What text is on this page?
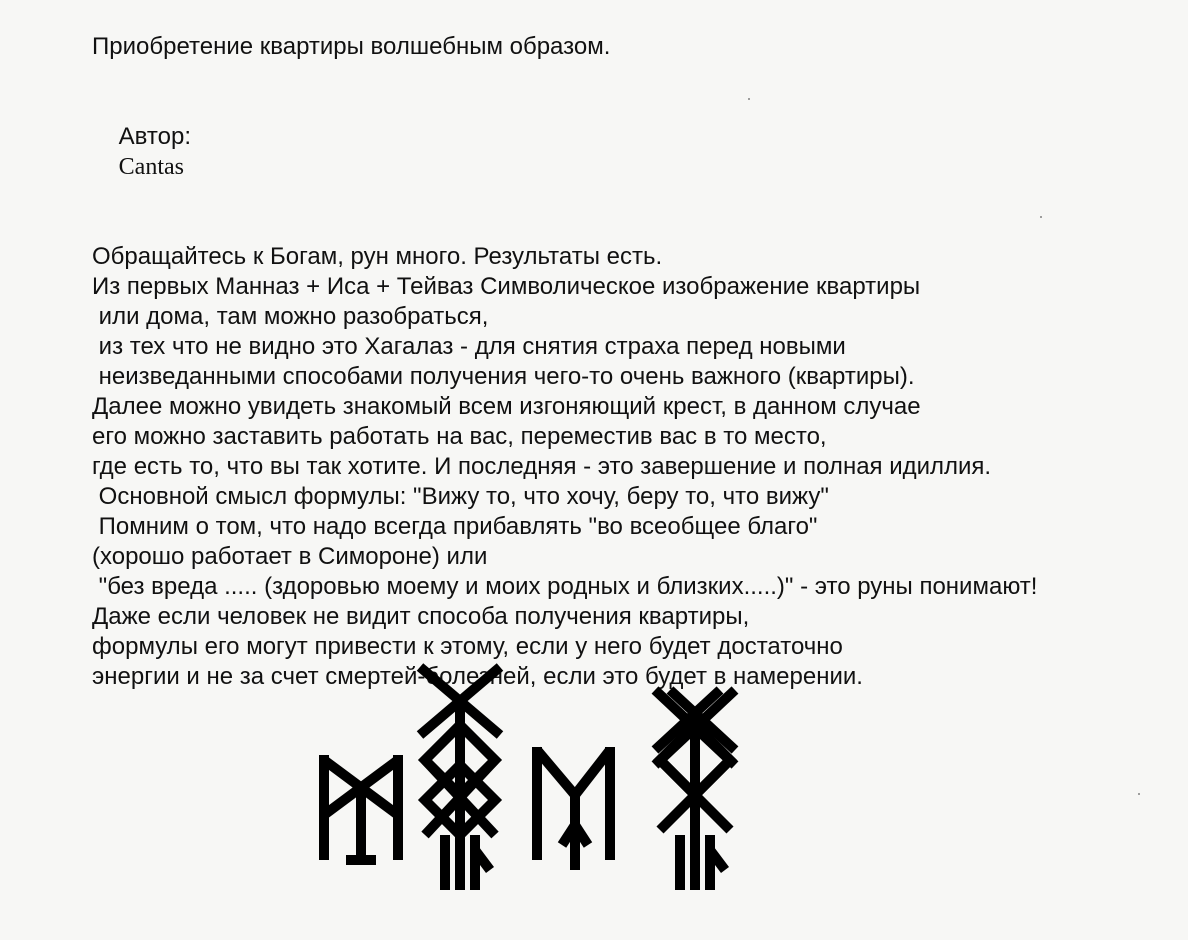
Приобретение квартиры волшебным образом.

Автор:
Cantas

Обращайтесь к Богам, рун много. Результаты есть.

Из первых Манназ + Иса + Тейваз Символическое изображение квартиры

или дома, там можно разобраться,

из тех что не видно это Хагалаз - для снятия страха перед новыми

неизведанными способами получения чего-то очень важного (квартиры).

Далее можно увидеть знакомый всем изгоняющий крест, в данном случае

его можно заставить работать на вас, переместив вас в то место,

где есть то, что вы так хотите. И последняя - это завершение и полная идиллия.

Основной смысл формулы: "Вижу то, что хочу, беру то, что вижу"

Помним о том, что надо всегда прибавлять "во всеобщее благо"

(хорошо работает в Симороне) или

"без вреда ..... (здоровью моему и моих родных и близких.....)" - это руны понимают!

Даже если человек не видит способа получения квартиры,

формулы его могут привести к этому, если у него будет достаточно

энергии и не за счет смертей-болезней, если это будет в намерении.
